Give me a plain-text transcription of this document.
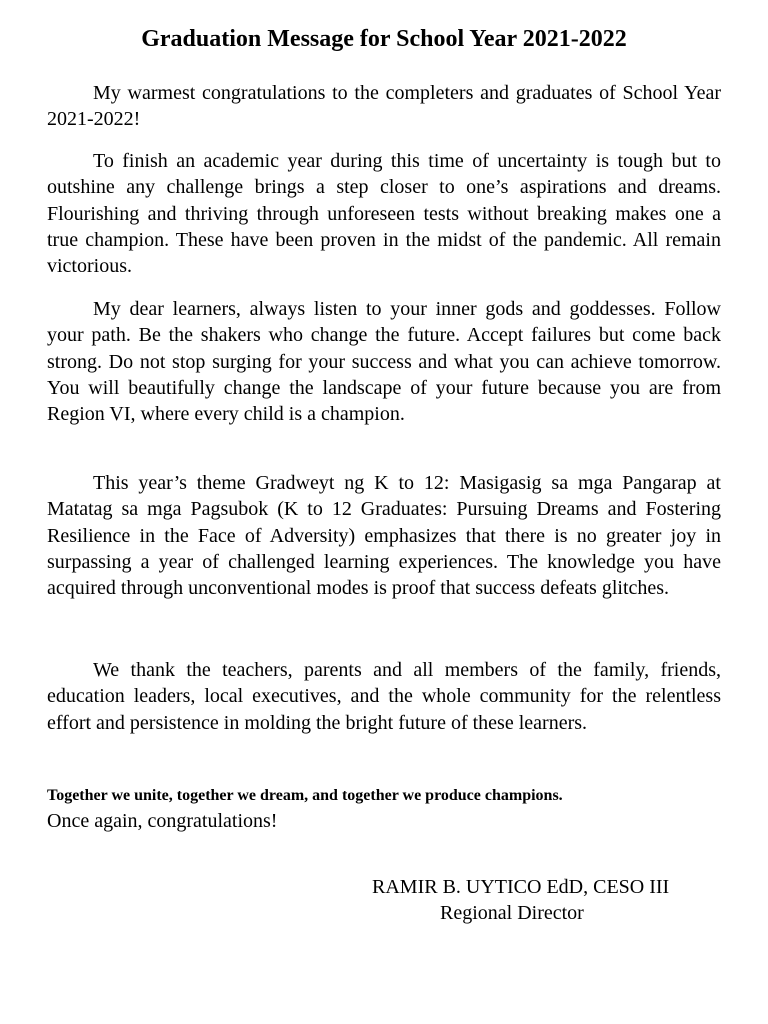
Graduation Message for School Year 2021-2022

My warmest congratulations to the completers and graduates of School Year 2021-2022!

To finish an academic year during this time of uncertainty is tough but to outshine any challenge brings a step closer to one’s aspirations and dreams. Flourishing and thriving through unforeseen tests without breaking makes one a true champion. These have been proven in the midst of the pandemic. All remain victorious.

My dear learners, always listen to your inner gods and goddesses. Follow your path. Be the shakers who change the future. Accept failures but come back strong. Do not stop surging for your success and what you can achieve tomorrow. You will beautifully change the landscape of your future because you are from Region VI, where every child is a champion.

This year’s theme Gradweyt ng K to 12: Masigasig sa mga Pangarap at Matatag sa mga Pagsubok (K to 12 Graduates: Pursuing Dreams and Fostering Resilience in the Face of Adversity) emphasizes that there is no greater joy in surpassing a year of challenged learning experiences. The knowledge you have acquired through unconventional modes is proof that success defeats glitches.

We thank the teachers, parents and all members of the family, friends, education leaders, local executives, and the whole community for the relentless effort and persistence in molding the bright future of these learners.

Together we unite, together we dream, and together we produce champions.

Once again, congratulations!

RAMIR B. UYTICO EdD, CESO III
Regional Director
